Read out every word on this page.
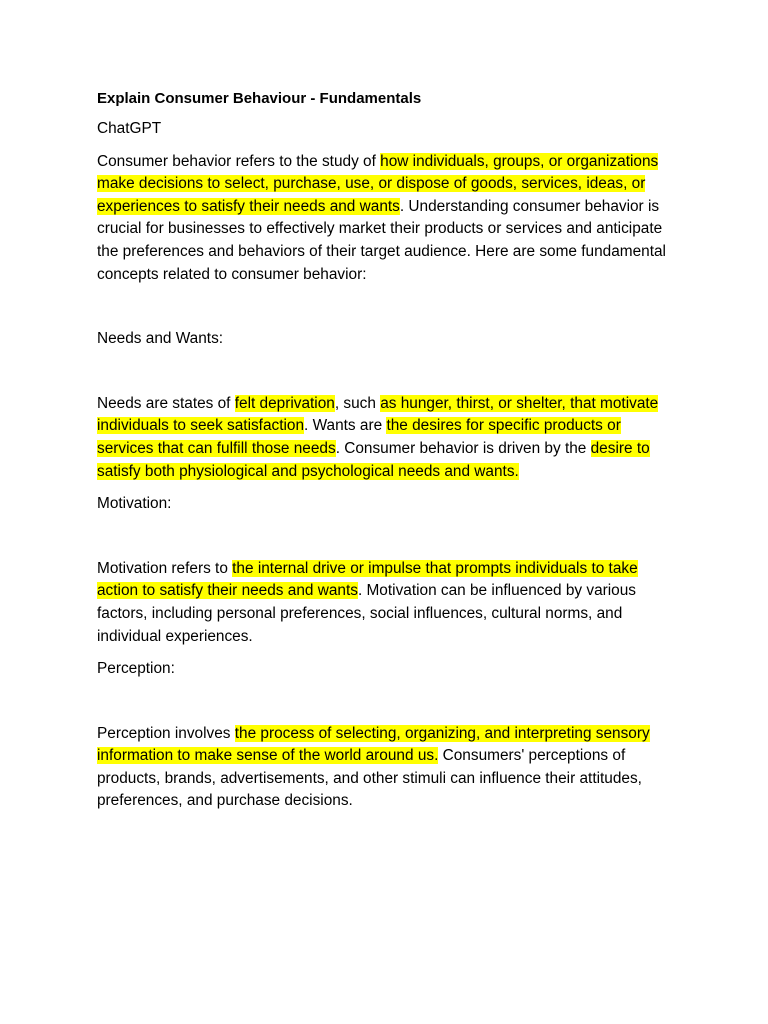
Explain Consumer Behaviour - Fundamentals

ChatGPT

Consumer behavior refers to the study of how individuals, groups, or organizations make decisions to select, purchase, use, or dispose of goods, services, ideas, or experiences to satisfy their needs and wants. Understanding consumer behavior is crucial for businesses to effectively market their products or services and anticipate the preferences and behaviors of their target audience. Here are some fundamental concepts related to consumer behavior:

Needs and Wants:

Needs are states of felt deprivation, such as hunger, thirst, or shelter, that motivate individuals to seek satisfaction. Wants are the desires for specific products or services that can fulfill those needs. Consumer behavior is driven by the desire to satisfy both physiological and psychological needs and wants.

Motivation:

Motivation refers to the internal drive or impulse that prompts individuals to take action to satisfy their needs and wants. Motivation can be influenced by various factors, including personal preferences, social influences, cultural norms, and individual experiences.

Perception:

Perception involves the process of selecting, organizing, and interpreting sensory information to make sense of the world around us. Consumers' perceptions of products, brands, advertisements, and other stimuli can influence their attitudes, preferences, and purchase decisions.
